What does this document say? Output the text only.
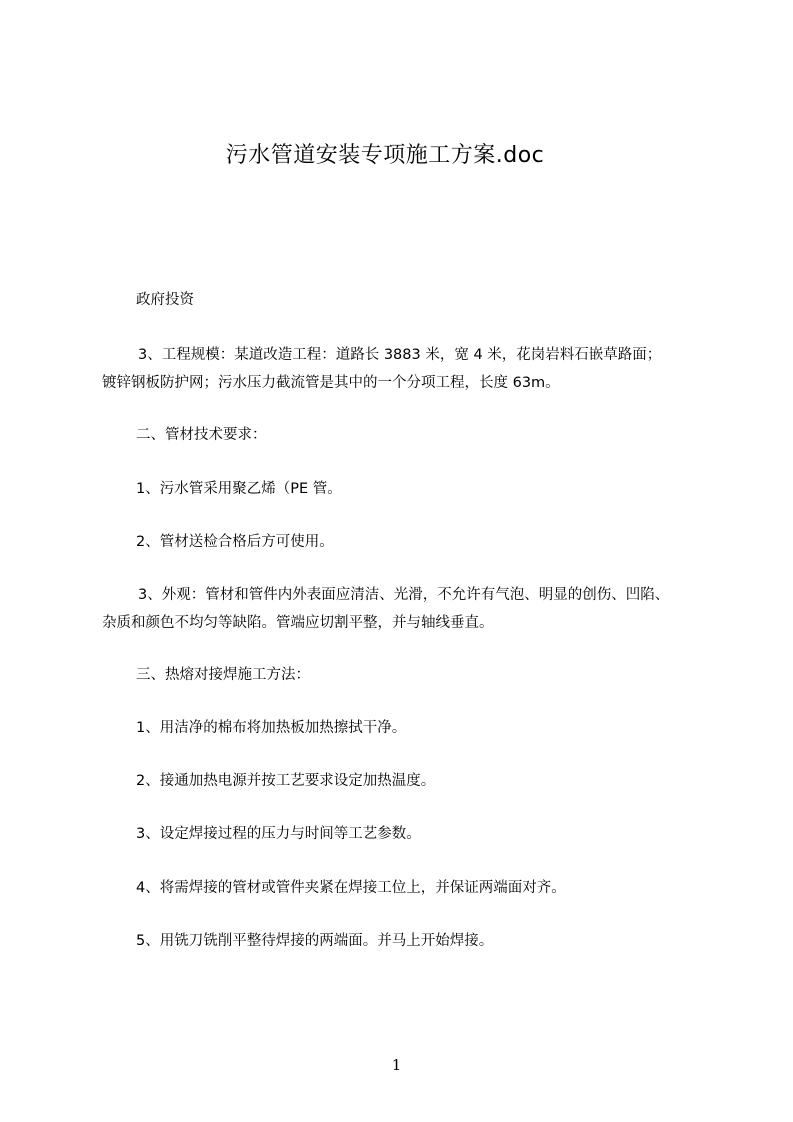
污水管道安装专项施工方案.doc
政府投资
3、工程规模：某道改造工程：道路长 3883 米，宽 4 米，花岗岩料石嵌草路面；
镀锌钢板防护网；污水压力截流管是其中的一个分项工程，长度 63m。
二、管材技术要求：
1、污水管采用聚乙烯（PE 管。
2、管材送检合格后方可使用。
3、外观：管材和管件内外表面应清洁、光滑，不允许有气泡、明显的创伤、凹陷、
杂质和颜色不均匀等缺陷。管端应切割平整，并与轴线垂直。
三、热熔对接焊施工方法：
1、用洁净的棉布将加热板加热擦拭干净。
2、接通加热电源并按工艺要求设定加热温度。
3、设定焊接过程的压力与时间等工艺参数。
4、将需焊接的管材或管件夹紧在焊接工位上，并保证两端面对齐。
5、用铣刀铣削平整待焊接的两端面。并马上开始焊接。
1
